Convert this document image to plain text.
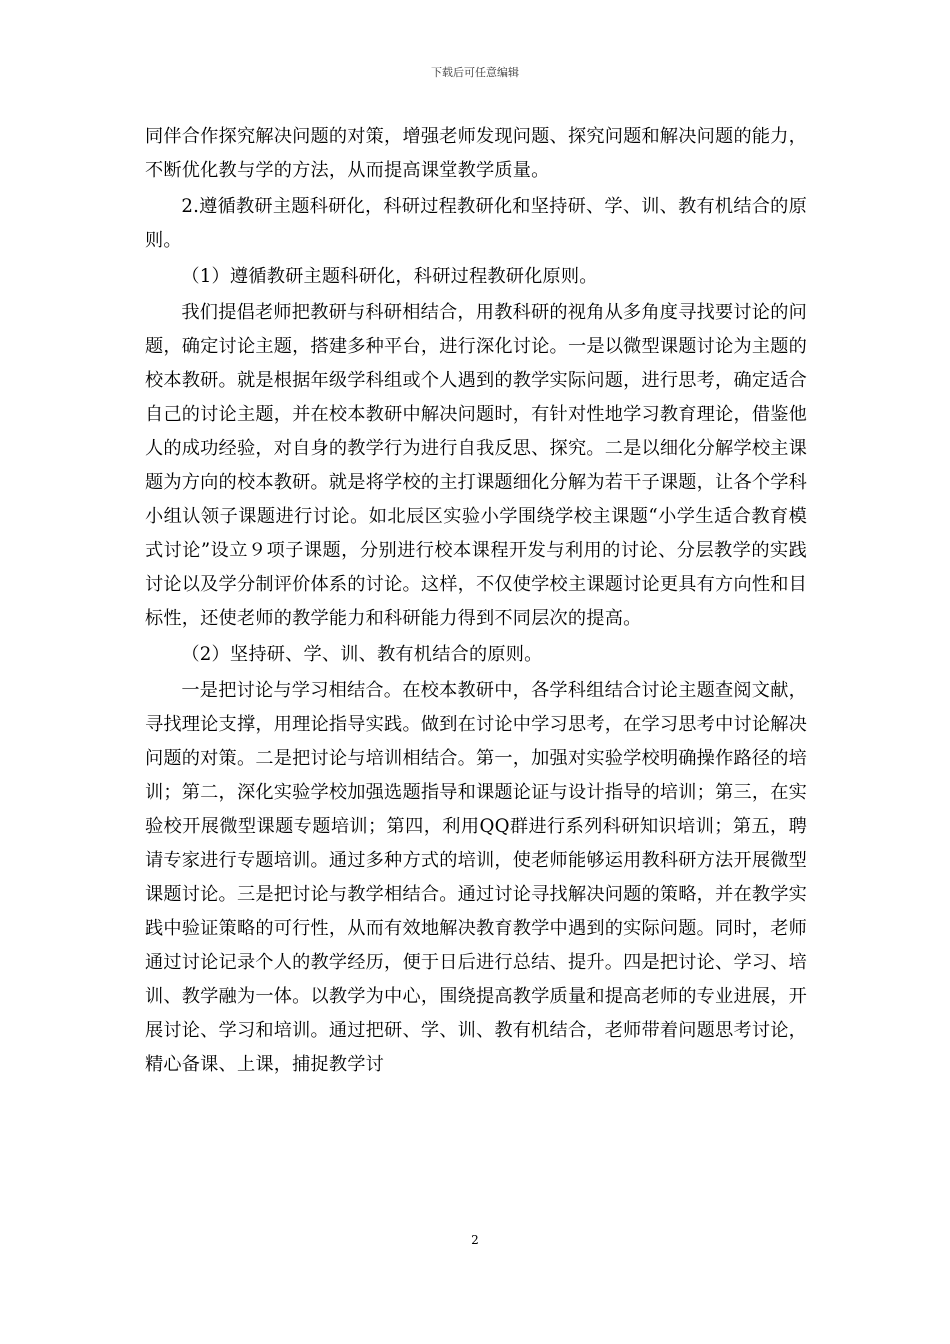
下载后可任意编辑

同伴合作探究解决问题的对策，增强老师发现问题、探究问题和解决问题的能力，不断优化教与学的方法，从而提高课堂教学质量。

2.遵循教研主题科研化，科研过程教研化和坚持研、学、训、教有机结合的原则。

（1）遵循教研主题科研化，科研过程教研化原则。

我们提倡老师把教研与科研相结合，用教科研的视角从多角度寻找要讨论的问题，确定讨论主题，搭建多种平台，进行深化讨论。一是以微型课题讨论为主题的校本教研。就是根据年级学科组或个人遇到的教学实际问题，进行思考，确定适合自己的讨论主题，并在校本教研中解决问题时，有针对性地学习教育理论，借鉴他人的成功经验，对自身的教学行为进行自我反思、探究。二是以细化分解学校主课题为方向的校本教研。就是将学校的主打课题细化分解为若干子课题，让各个学科小组认领子课题进行讨论。如北辰区实验小学围绕学校主课题“小学生适合教育模式讨论”设立９项子课题，分别进行校本课程开发与利用的讨论、分层教学的实践讨论以及学分制评价体系的讨论。这样，不仅使学校主课题讨论更具有方向性和目标性，还使老师的教学能力和科研能力得到不同层次的提高。

（2）坚持研、学、训、教有机结合的原则。

一是把讨论与学习相结合。在校本教研中，各学科组结合讨论主题查阅文献，寻找理论支撑，用理论指导实践。做到在讨论中学习思考，在学习思考中讨论解决问题的对策。二是把讨论与培训相结合。第一，加强对实验学校明确操作路径的培训；第二，深化实验学校加强选题指导和课题论证与设计指导的培训；第三，在实验校开展微型课题专题培训；第四，利用QQ群进行系列科研知识培训；第五，聘请专家进行专题培训。通过多种方式的培训，使老师能够运用教科研方法开展微型课题讨论。三是把讨论与教学相结合。通过讨论寻找解决问题的策略，并在教学实践中验证策略的可行性，从而有效地解决教育教学中遇到的实际问题。同时，老师通过讨论记录个人的教学经历，便于日后进行总结、提升。四是把讨论、学习、培训、教学融为一体。以教学为中心，围绕提高教学质量和提高老师的专业进展，开展讨论、学习和培训。通过把研、学、训、教有机结合，老师带着问题思考讨论，精心备课、上课，捕捉教学讨

2
